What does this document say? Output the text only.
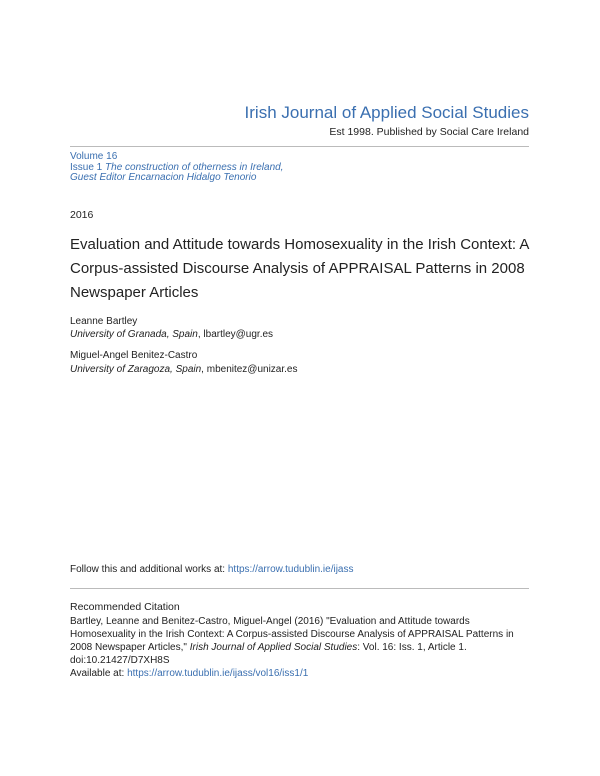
Irish Journal of Applied Social Studies
Est 1998. Published by Social Care Ireland
Volume 16
Issue 1 The construction of otherness in Ireland, Guest Editor Encarnacion Hidalgo Tenorio
2016
Evaluation and Attitude towards Homosexuality in the Irish Context: A Corpus-assisted Discourse Analysis of APPRAISAL Patterns in 2008 Newspaper Articles
Leanne Bartley
University of Granada, Spain, lbartley@ugr.es
Miguel-Angel Benitez-Castro
University of Zaragoza, Spain, mbenitez@unizar.es
Follow this and additional works at: https://arrow.tudublin.ie/ijass
Recommended Citation
Bartley, Leanne and Benitez-Castro, Miguel-Angel (2016) "Evaluation and Attitude towards Homosexuality in the Irish Context: A Corpus-assisted Discourse Analysis of APPRAISAL Patterns in 2008 Newspaper Articles," Irish Journal of Applied Social Studies: Vol. 16: Iss. 1, Article 1.
doi:10.21427/D7XH8S
Available at: https://arrow.tudublin.ie/ijass/vol16/iss1/1
